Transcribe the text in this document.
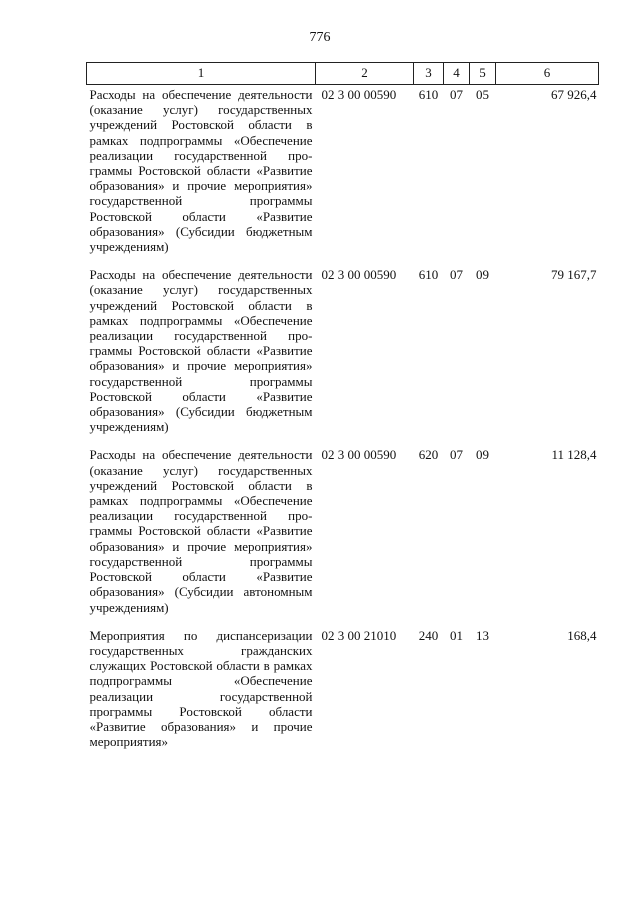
776
1	2	3	4	5	6
Расходы на обеспечение деятельности (оказание услуг) государственных учреждений Ростовской области в рамках подпрограммы «Обеспечение реализации государственной программы Ростовской области «Развитие образования» и прочие мероприятия» государственной программы Ростовской области «Развитие образования» (Субсидии бюджетным учреждениям)	02 3 00 00590	610	07	05	67 926,4
Расходы на обеспечение деятельности (оказание услуг) государственных учреждений Ростовской области в рамках подпрограммы «Обеспечение реализации государственной программы Ростовской области «Развитие образования» и прочие мероприятия» государственной программы Ростовской области «Развитие образования» (Субсидии бюджетным учреждениям)	02 3 00 00590	610	07	09	79 167,7
Расходы на обеспечение деятельности (оказание услуг) государственных учреждений Ростовской области в рамках подпрограммы «Обеспечение реализации государственной программы Ростовской области «Развитие образования» и прочие мероприятия» государственной программы Ростовской области «Развитие образования» (Субсидии автономным учреждениям)	02 3 00 00590	620	07	09	11 128,4
Мероприятия по диспансеризации государственных гражданских служащих Ростовской области в рамках подпрограммы «Обеспечение реализации государственной программы Ростовской области «Развитие образования» и прочие мероприятия»	02 3 00 21010	240	01	13	168,4
